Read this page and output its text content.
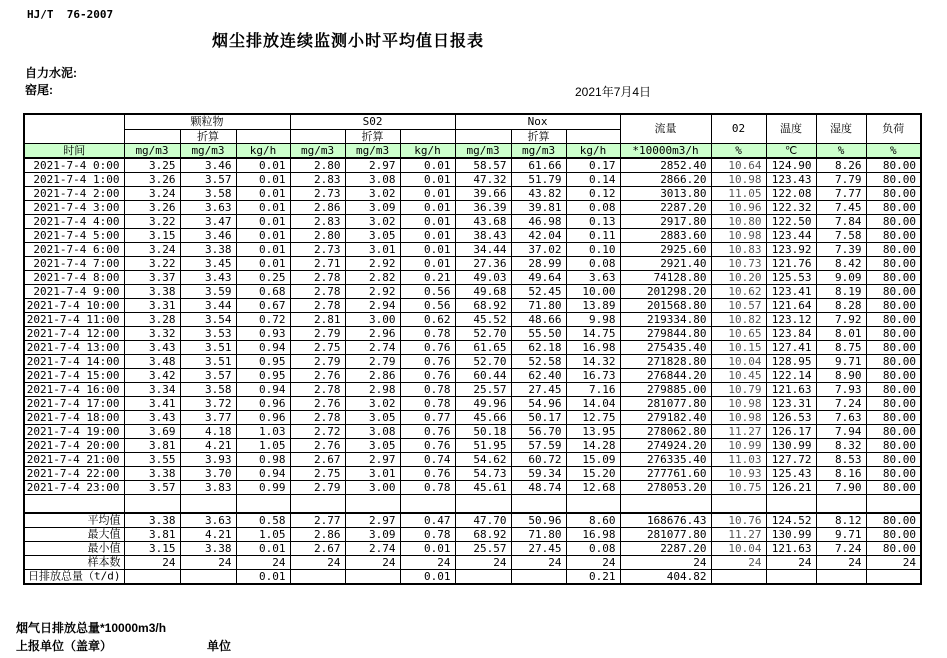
HJ/T  76-2007
烟尘排放连续监测小时平均值日报表
自力水泥:
窑尾:	2021年7月4日
	颗粒物			S02			Nox			流量	02	温度	湿度	负荷
		折算			折算			折算						
时间	mg/m3	mg/m3	kg/h	mg/m3	mg/m3	kg/h	mg/m3	mg/m3	kg/h	*10000m3/h	%	℃	%	%
2021-7-4 0:00	3.25	3.46	0.01	2.80	2.97	0.01	58.57	61.66	0.17	2852.40	10.64	124.90	8.26	80.00
2021-7-4 1:00	3.26	3.57	0.01	2.83	3.08	0.01	47.32	51.79	0.14	2866.20	10.98	123.43	7.79	80.00
2021-7-4 2:00	3.24	3.58	0.01	2.73	3.02	0.01	39.66	43.82	0.12	3013.80	11.05	122.08	7.77	80.00
2021-7-4 3:00	3.26	3.63	0.01	2.86	3.09	0.01	36.39	39.81	0.08	2287.20	10.96	122.32	7.45	80.00
2021-7-4 4:00	3.22	3.47	0.01	2.83	3.02	0.01	43.68	46.98	0.13	2917.80	10.80	122.50	7.84	80.00
2021-7-4 5:00	3.15	3.46	0.01	2.80	3.05	0.01	38.43	42.04	0.11	2883.60	10.98	123.44	7.58	80.00
2021-7-4 6:00	3.24	3.38	0.01	2.73	3.01	0.01	34.44	37.02	0.10	2925.60	10.83	123.92	7.39	80.00
2021-7-4 7:00	3.22	3.45	0.01	2.71	2.92	0.01	27.36	28.99	0.08	2921.40	10.73	121.76	8.42	80.00
2021-7-4 8:00	3.37	3.43	0.25	2.78	2.82	0.21	49.03	49.64	3.63	74128.80	10.20	125.53	9.09	80.00
2021-7-4 9:00	3.38	3.59	0.68	2.78	2.92	0.56	49.68	52.45	10.00	201298.20	10.62	123.41	8.19	80.00
2021-7-4 10:00	3.31	3.44	0.67	2.78	2.94	0.56	68.92	71.80	13.89	201568.80	10.57	121.64	8.28	80.00
2021-7-4 11:00	3.28	3.54	0.72	2.81	3.00	0.62	45.52	48.66	9.98	219334.80	10.82	123.12	7.92	80.00
2021-7-4 12:00	3.32	3.53	0.93	2.79	2.96	0.78	52.70	55.50	14.75	279844.80	10.65	123.84	8.01	80.00
2021-7-4 13:00	3.43	3.51	0.94	2.75	2.74	0.76	61.65	62.18	16.98	275435.40	10.15	127.41	8.75	80.00
2021-7-4 14:00	3.48	3.51	0.95	2.79	2.79	0.76	52.70	52.58	14.32	271828.80	10.04	128.95	9.71	80.00
2021-7-4 15:00	3.42	3.57	0.95	2.76	2.86	0.76	60.44	62.40	16.73	276844.20	10.45	122.14	8.90	80.00
2021-7-4 16:00	3.34	3.58	0.94	2.78	2.98	0.78	25.57	27.45	7.16	279885.00	10.79	121.63	7.93	80.00
2021-7-4 17:00	3.41	3.72	0.96	2.76	3.02	0.78	49.96	54.96	14.04	281077.80	10.98	123.31	7.24	80.00
2021-7-4 18:00	3.43	3.77	0.96	2.78	3.05	0.77	45.66	50.17	12.75	279182.40	10.98	126.53	7.63	80.00
2021-7-4 19:00	3.69	4.18	1.03	2.72	3.08	0.76	50.18	56.70	13.95	278062.80	11.27	126.17	7.94	80.00
2021-7-4 20:00	3.81	4.21	1.05	2.76	3.05	0.76	51.95	57.59	14.28	274924.20	10.99	130.99	8.32	80.00
2021-7-4 21:00	3.55	3.93	0.98	2.67	2.97	0.74	54.62	60.72	15.09	276335.40	11.03	127.72	8.53	80.00
2021-7-4 22:00	3.38	3.70	0.94	2.75	3.01	0.76	54.73	59.34	15.20	277761.60	10.93	125.43	8.16	80.00
2021-7-4 23:00	3.57	3.83	0.99	2.79	3.00	0.78	45.61	48.74	12.68	278053.20	10.75	126.21	7.90	80.00

平均值	3.38	3.63	0.58	2.77	2.97	0.47	47.70	50.96	8.60	168676.43	10.76	124.52	8.12	80.00

最大值	3.81	4.21	1.05	2.86	3.09	0.78	68.92	71.80	16.98	281077.80	11.27	130.99	9.71	80.00

最小值	3.15	3.38	0.01	2.67	2.74	0.01	25.57	27.45	0.08	2287.20	10.04	121.63	7.24	80.00

样本数	24	24	24	24	24	24	24	24	24	24	24	24	24	24

日排放总量（t/d)			0.01			0.01			0.21	404.82				
烟气日排放总量*10000m3/h
上报单位（盖章）	单位
